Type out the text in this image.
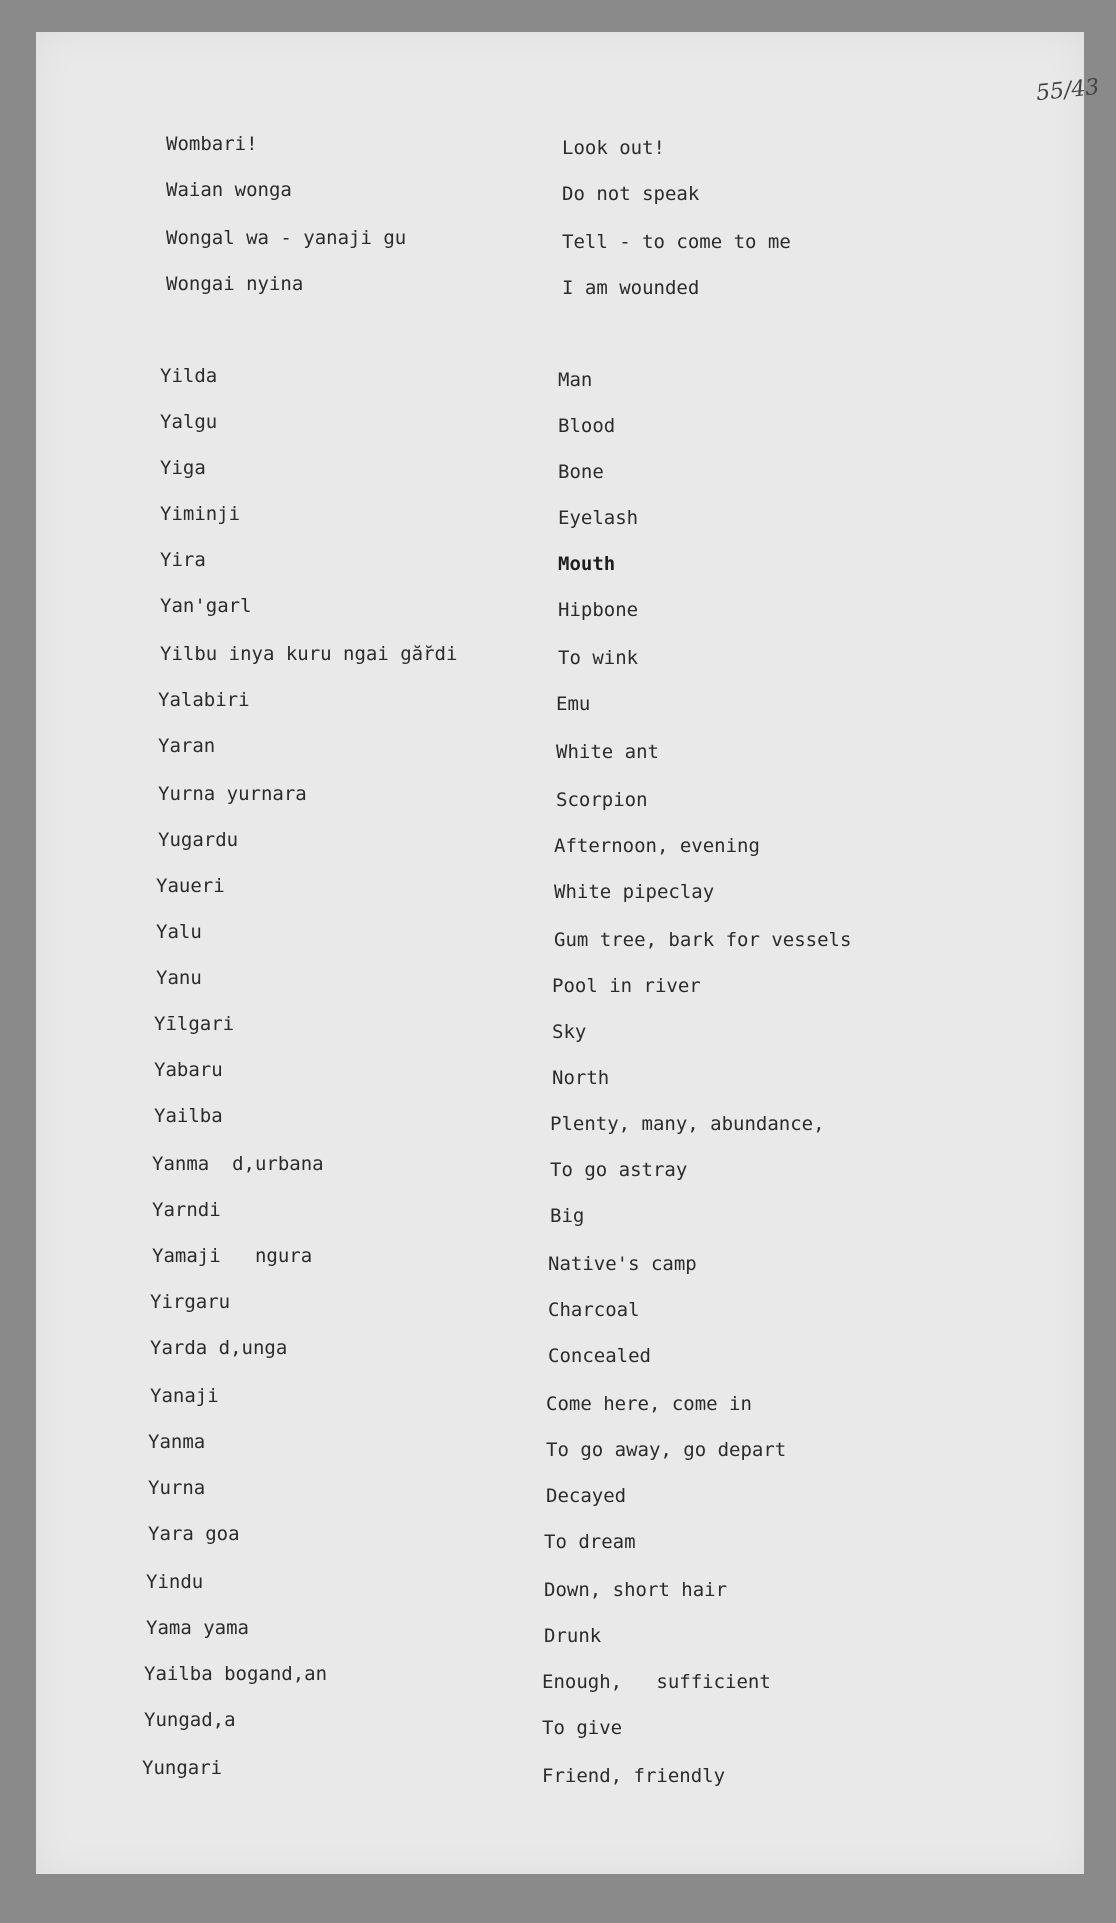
55/43
Wombari!	Look out!
Waian wonga	Do not speak
Wongal wa - yanaji gu	Tell - to come to me
Wongai nyina	I am wounded
Yilda	Man
Yalgu	Blood
Yiga	Bone
Yiminji	Eyelash
Yira	Mouth
Yan'garl	Hipbone
Yilbu inya kuru ngai găr̆di	To wink
Yalabiri	Emu
Yaran	White ant
Yurna yurnara	Scorpion
Yugardu	Afternoon, evening
Yaueri	White pipeclay
Yalu	Gum tree, bark for vessels
Yanu	Pool in river
Yīlgari	Sky
Yabaru	North
Yailba	Plenty, many, abundance,
Yanma  d,urbana	To go astray
Yarndi	Big
Yamaji   ngura	Native's camp
Yirgaru	Charcoal
Yarda d,unga	Concealed
Yanaji	Come here, come in
Yanma	To go away, go depart
Yurna	Decayed
Yara goa	To dream
Yindu	Down, short hair
Yama yama	Drunk
Yailba bogand,an	Enough,   sufficient
Yungad,a	To give
Yungari	Friend, friendly
